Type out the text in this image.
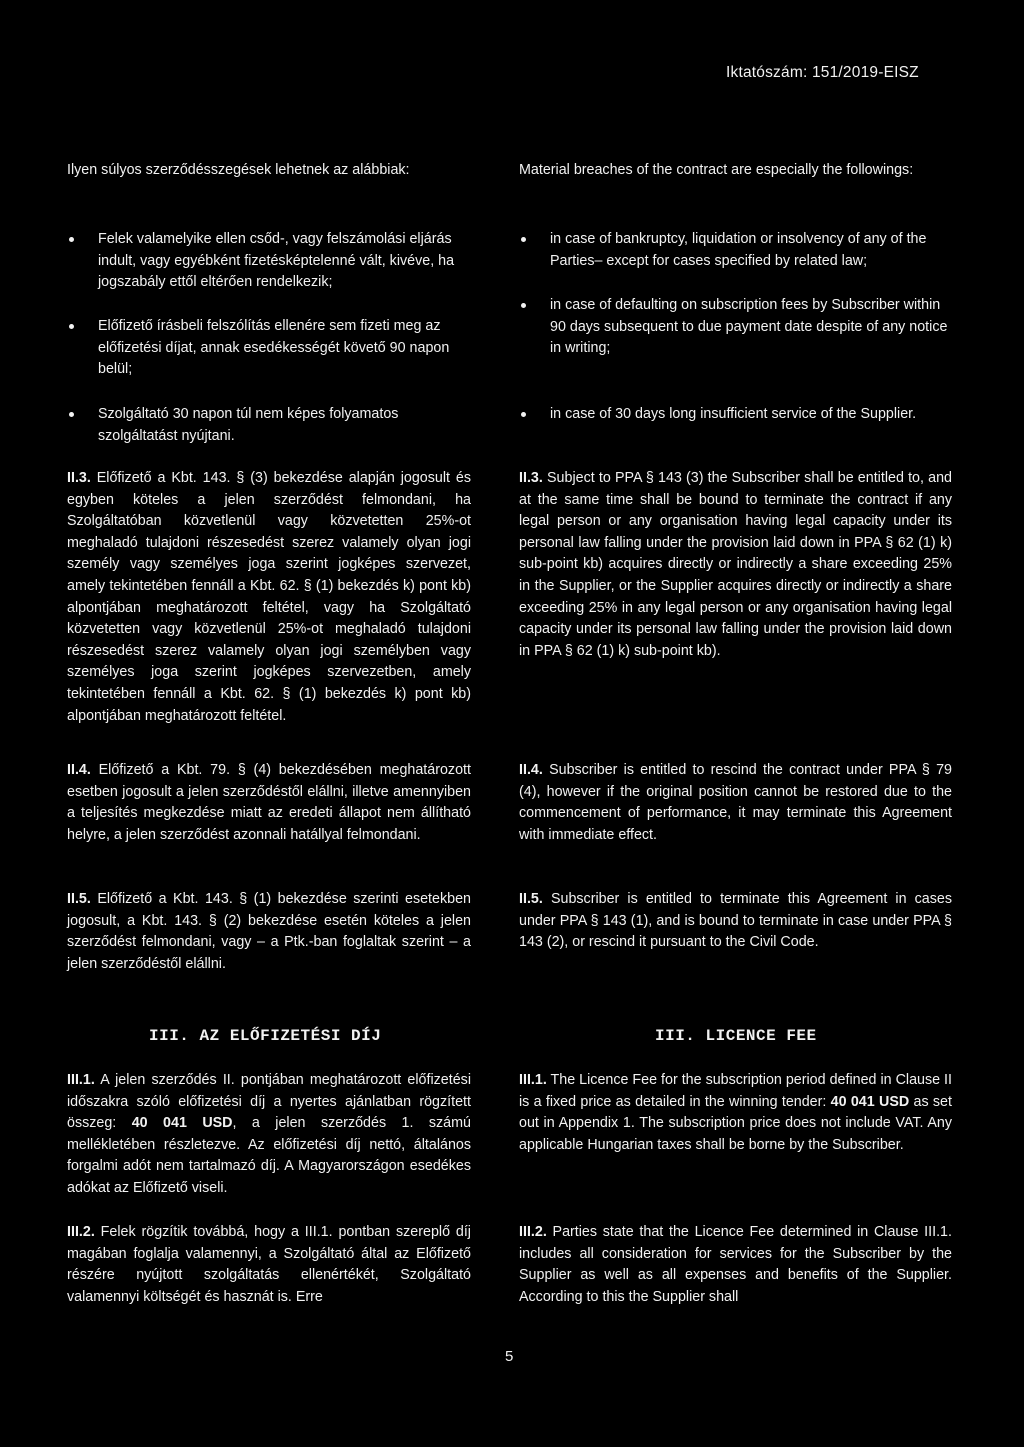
Iktatószám: 151/2019-EISZ

Ilyen súlyos szerződésszegések lehetnek az alábbiak:

Felek valamelyike ellen csőd-, vagy felszámolási eljárás indult, vagy egyébként fizetésképtelenné vált, kivéve, ha jogszabály ettől eltérően rendelkezik;
Előfizető írásbeli felszólítás ellenére sem fizeti meg az előfizetési díjat, annak esedékességét követő 90 napon belül;
Szolgáltató 30 napon túl nem képes folyamatos szolgáltatást nyújtani.

II.3. Előfizető a Kbt. 143. § (3) bekezdése alapján jogosult és egyben köteles a jelen szerződést felmondani, ha Szolgáltatóban közvetlenül vagy közvetetten 25%-ot meghaladó tulajdoni részesedést szerez valamely olyan jogi személy vagy személyes joga szerint jogképes szervezet, amely tekintetében fennáll a Kbt. 62. § (1) bekezdés k) pont kb) alpontjában meghatározott feltétel, vagy ha Szolgáltató közvetetten vagy közvetlenül 25%-ot meghaladó tulajdoni részesedést szerez valamely olyan jogi személyben vagy személyes joga szerint jogképes szervezetben, amely tekintetében fennáll a Kbt. 62. § (1) bekezdés k) pont kb) alpontjában meghatározott feltétel.

II.4. Előfizető a Kbt. 79. § (4) bekezdésében meghatározott esetben jogosult a jelen szerződéstől elállni, illetve amennyiben a teljesítés megkezdése miatt az eredeti állapot nem állítható helyre, a jelen szerződést azonnali hatállyal felmondani.

II.5. Előfizető a Kbt. 143. § (1) bekezdése szerinti esetekben jogosult, a Kbt. 143. § (2) bekezdése esetén köteles a jelen szerződést felmondani, vagy – a Ptk.-ban foglaltak szerint – a jelen szerződéstől elállni.

III. AZ ELŐFIZETÉSI DÍJ

III.1. A jelen szerződés II. pontjában meghatározott előfizetési időszakra szóló előfizetési díj a nyertes ajánlatban rögzített összeg: 40 041 USD, a jelen szerződés 1. számú mellékletében részletezve. Az előfizetési díj nettó, általános forgalmi adót nem tartalmazó díj. A Magyarországon esedékes adókat az Előfizető viseli.

III.2. Felek rögzítik továbbá, hogy a III.1. pontban szereplő díj magában foglalja valamennyi, a Szolgáltató által az Előfizető részére nyújtott szolgáltatás ellenértékét, Szolgáltató valamennyi költségét és hasznát is. Erre

Material breaches of the contract are especially the followings:

in case of bankruptcy, liquidation or insolvency of any of the Parties– except for cases specified by related law;
in case of defaulting on subscription fees by Subscriber within 90 days subsequent to due payment date despite of any notice in writing;
in case of 30 days long insufficient service of the Supplier.

II.3. Subject to PPA § 143 (3) the Subscriber shall be entitled to, and at the same time shall be bound to terminate the contract if any legal person or any organisation having legal capacity under its personal law falling under the provision laid down in PPA § 62 (1) k) sub-point kb) acquires directly or indirectly a share exceeding 25% in the Supplier, or the Supplier acquires directly or indirectly a share exceeding 25% in any legal person or any organisation having legal capacity under its personal law falling under the provision laid down in PPA § 62 (1) k) sub-point kb).

II.4. Subscriber is entitled to rescind the contract under PPA § 79 (4), however if the original position cannot be restored due to the commencement of performance, it may terminate this Agreement with immediate effect.

II.5. Subscriber is entitled to terminate this Agreement in cases under PPA § 143 (1), and is bound to terminate in case under PPA § 143 (2), or rescind it pursuant to the Civil Code.

III. LICENCE FEE

III.1. The Licence Fee for the subscription period defined in Clause II is a fixed price as detailed in the winning tender: 40 041 USD as set out in Appendix 1. The subscription price does not include VAT. Any applicable Hungarian taxes shall be borne by the Subscriber.

III.2. Parties state that the Licence Fee determined in Clause III.1. includes all consideration for services for the Subscriber by the Supplier as well as all expenses and benefits of the Supplier. According to this the Supplier shall

5
